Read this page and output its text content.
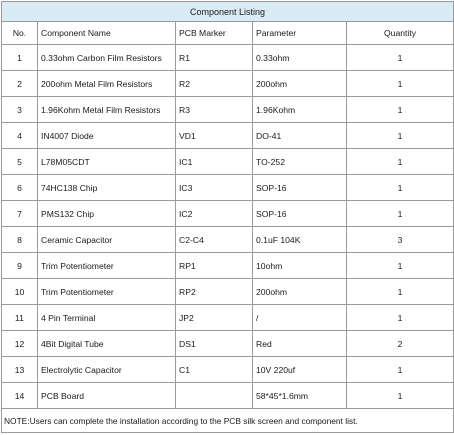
Component Listing				
No.	Component Name	PCB Marker	Parameter	Quantity
1	0.33ohm Carbon Film Resistors	R1	0.33ohm	1
2	200ohm Metal Film Resistors	R2	200ohm	1
3	1.96Kohm Metal Film Resistors	R3	1.96Kohm	1
4	IN4007 Diode	VD1	DO-41	1
5	L78M05CDT	IC1	TO-252	1
6	74HC138 Chip	IC3	SOP-16	1
7	PMS132 Chip	IC2	SOP-16	1
8	Ceramic Capacitor	C2-C4	0.1uF 104K	3
9	Trim Potentiometer	RP1	10ohm	1
10	Trim Potentiometer	RP2	200ohm	1
11	4 Pin Terminal	JP2	/	1
12	4Bit Digital Tube	DS1	Red	2
13	Electrolytic Capacitor	C1	10V 220uf	1
14	PCB Board		58*45*1.6mm	1
NOTE:Users can complete the installation according to the PCB silk screen and component list.				
